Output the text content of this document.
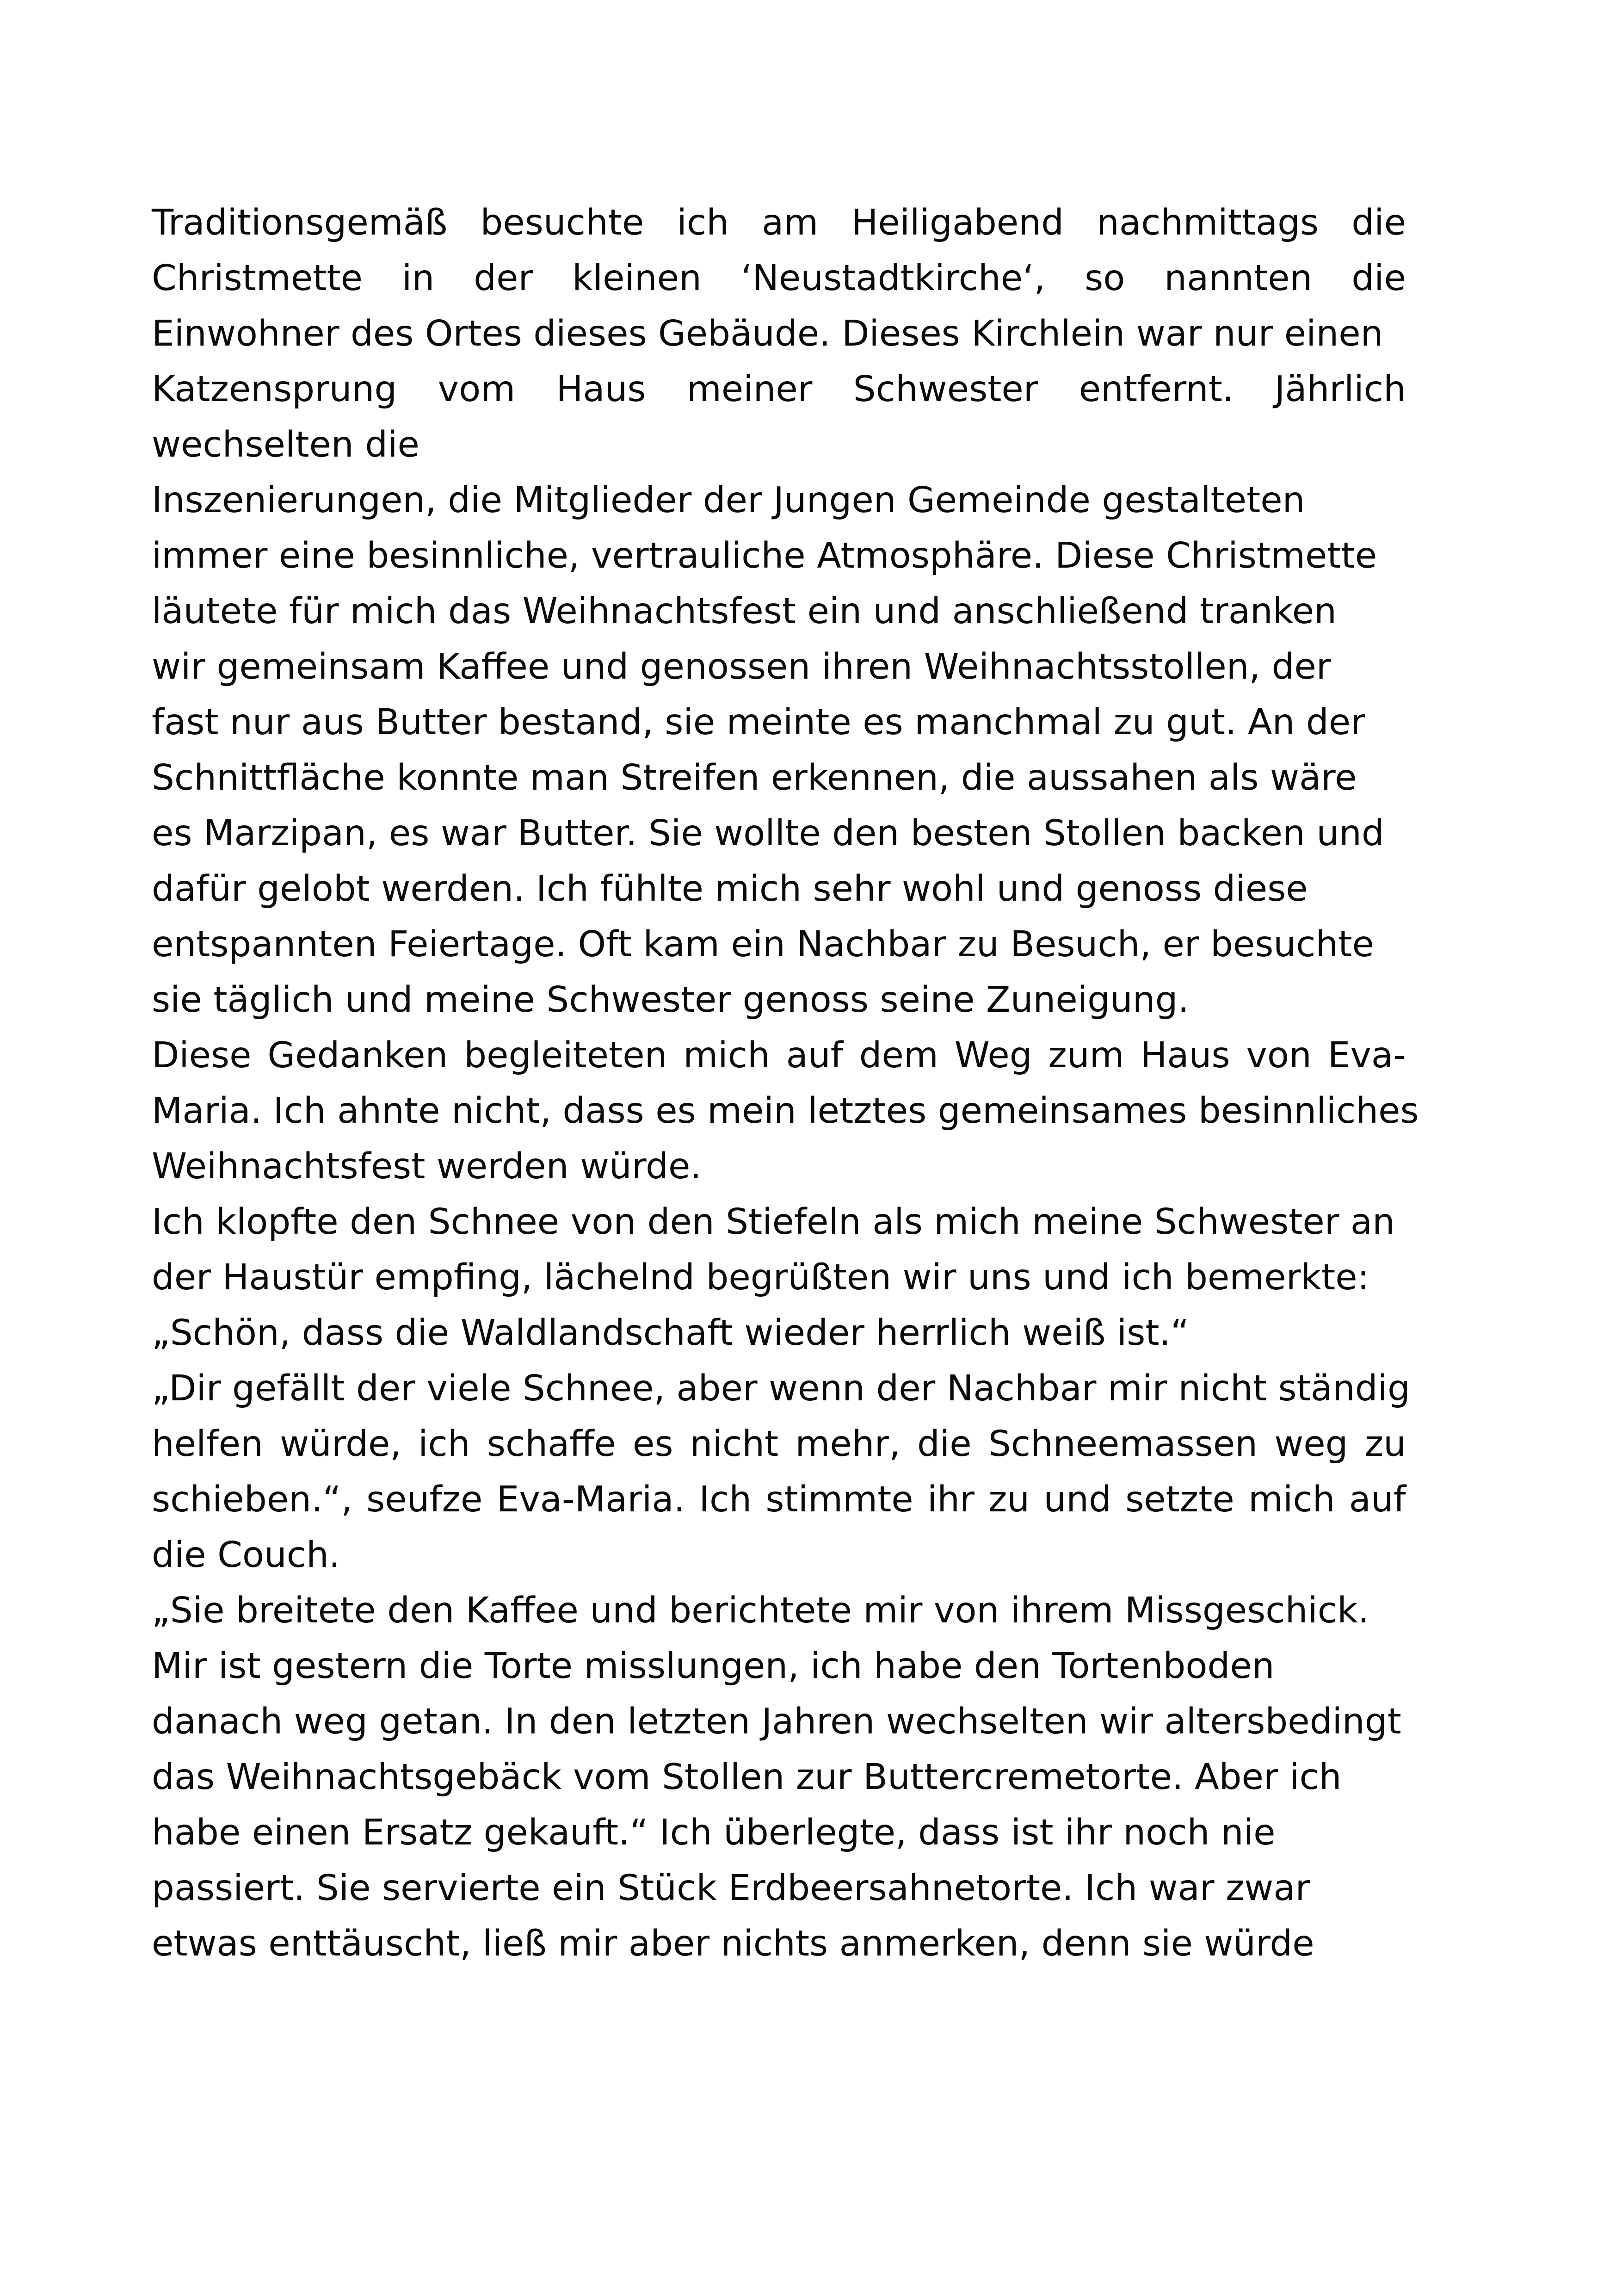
Traditionsgemäß besuchte ich am Heiligabend nachmittags die
Christmette in der kleinen ‘Neustadtkirche‘, so nannten die
Einwohner des Ortes dieses Gebäude. Dieses Kirchlein war nur einen
Katzensprung vom Haus meiner Schwester entfernt. Jährlich
wechselten die
Inszenierungen, die Mitglieder der Jungen Gemeinde gestalteten
immer eine besinnliche, vertrauliche Atmosphäre. Diese Christmette
läutete für mich das Weihnachtsfest ein und anschließend tranken
wir gemeinsam Kaffee und genossen ihren Weihnachtsstollen, der
fast nur aus Butter bestand, sie meinte es manchmal zu gut. An der
Schnittfläche konnte man Streifen erkennen, die aussahen als wäre
es Marzipan, es war Butter. Sie wollte den besten Stollen backen und
dafür gelobt werden. Ich fühlte mich sehr wohl und genoss diese
entspannten Feiertage. Oft kam ein Nachbar zu Besuch, er besuchte
sie täglich und meine Schwester genoss seine Zuneigung.
Diese Gedanken begleiteten mich auf dem Weg zum Haus von Eva-
Maria. Ich ahnte nicht, dass es mein letztes gemeinsames besinnliches
Weihnachtsfest werden würde.
Ich klopfte den Schnee von den Stiefeln als mich meine Schwester an
der Haustür empfing, lächelnd begrüßten wir uns und ich bemerkte:
„Schön, dass die Waldlandschaft wieder herrlich weiß ist.“
„Dir gefällt der viele Schnee, aber wenn der Nachbar mir nicht ständig
helfen würde, ich schaffe es nicht mehr, die Schneemassen weg zu
schieben.“, seufze Eva-Maria. Ich stimmte ihr zu und setzte mich auf
die Couch.
„Sie breitete den Kaffee und berichtete mir von ihrem Missgeschick.
Mir ist gestern die Torte misslungen, ich habe den Tortenboden
danach weg getan. In den letzten Jahren wechselten wir altersbedingt
das Weihnachtsgebäck vom Stollen zur Buttercremetorte. Aber ich
habe einen Ersatz gekauft.“ Ich überlegte, dass ist ihr noch nie
passiert. Sie servierte ein Stück Erdbeersahnetorte. Ich war zwar
etwas enttäuscht, ließ mir aber nichts anmerken, denn sie würde
